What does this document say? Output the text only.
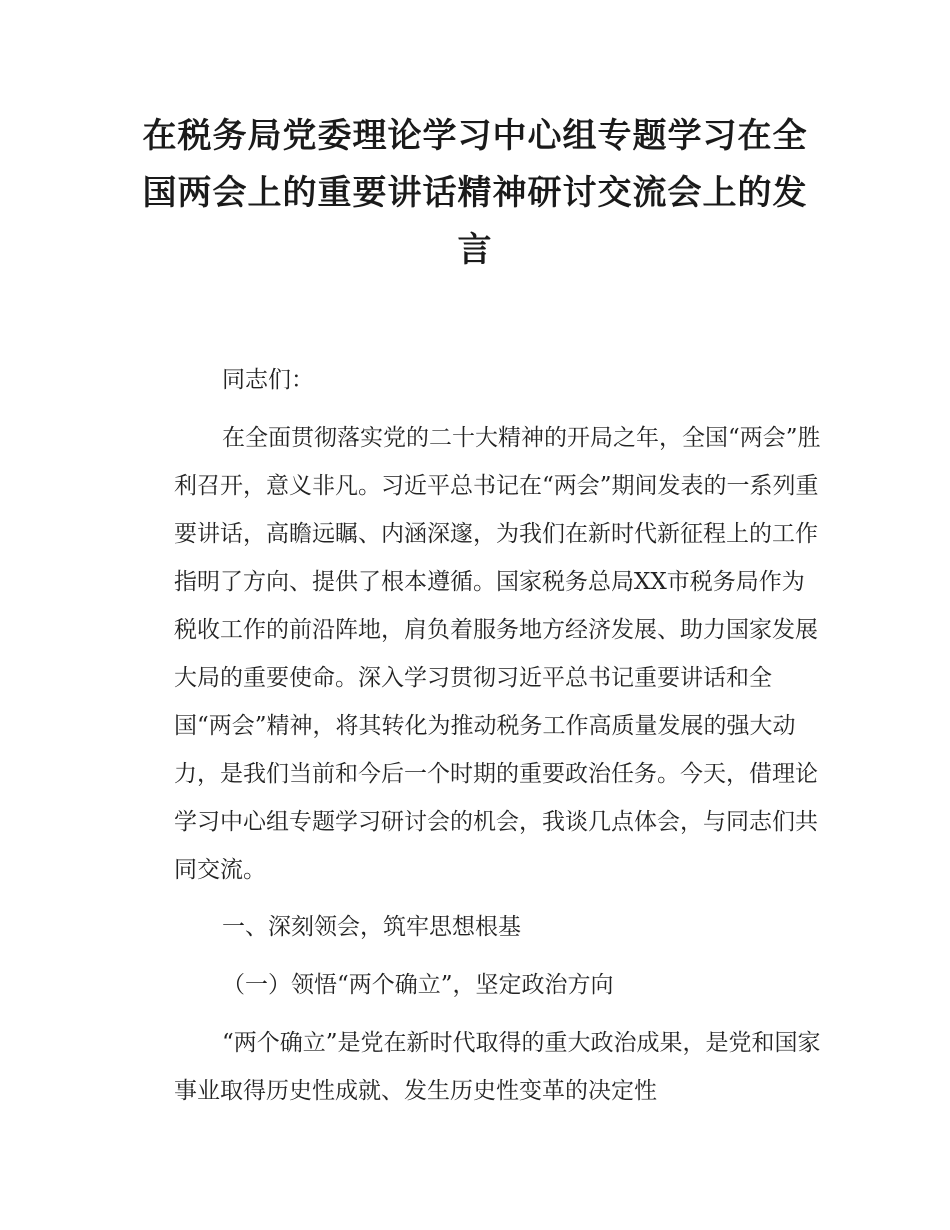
在税务局党委理论学习中心组专题学习在全国两会上的重要讲话精神研讨交流会上的发言

同志们：

在全面贯彻落实党的二十大精神的开局之年，全国“两会”胜利召开，意义非凡。习近平总书记在“两会”期间发表的一系列重要讲话，高瞻远瞩、内涵深邃，为我们在新时代新征程上的工作指明了方向、提供了根本遵循。国家税务总局XX市税务局作为税收工作的前沿阵地，肩负着服务地方经济发展、助力国家发展大局的重要使命。深入学习贯彻习近平总书记重要讲话和全国“两会”精神，将其转化为推动税务工作高质量发展的强大动力，是我们当前和今后一个时期的重要政治任务。今天，借理论学习中心组专题学习研讨会的机会，我谈几点体会，与同志们共同交流。

一、深刻领会，筑牢思想根基

（一）领悟“两个确立”，坚定政治方向

“两个确立”是党在新时代取得的重大政治成果，是党和国家事业取得历史性成就、发生历史性变革的决定性
